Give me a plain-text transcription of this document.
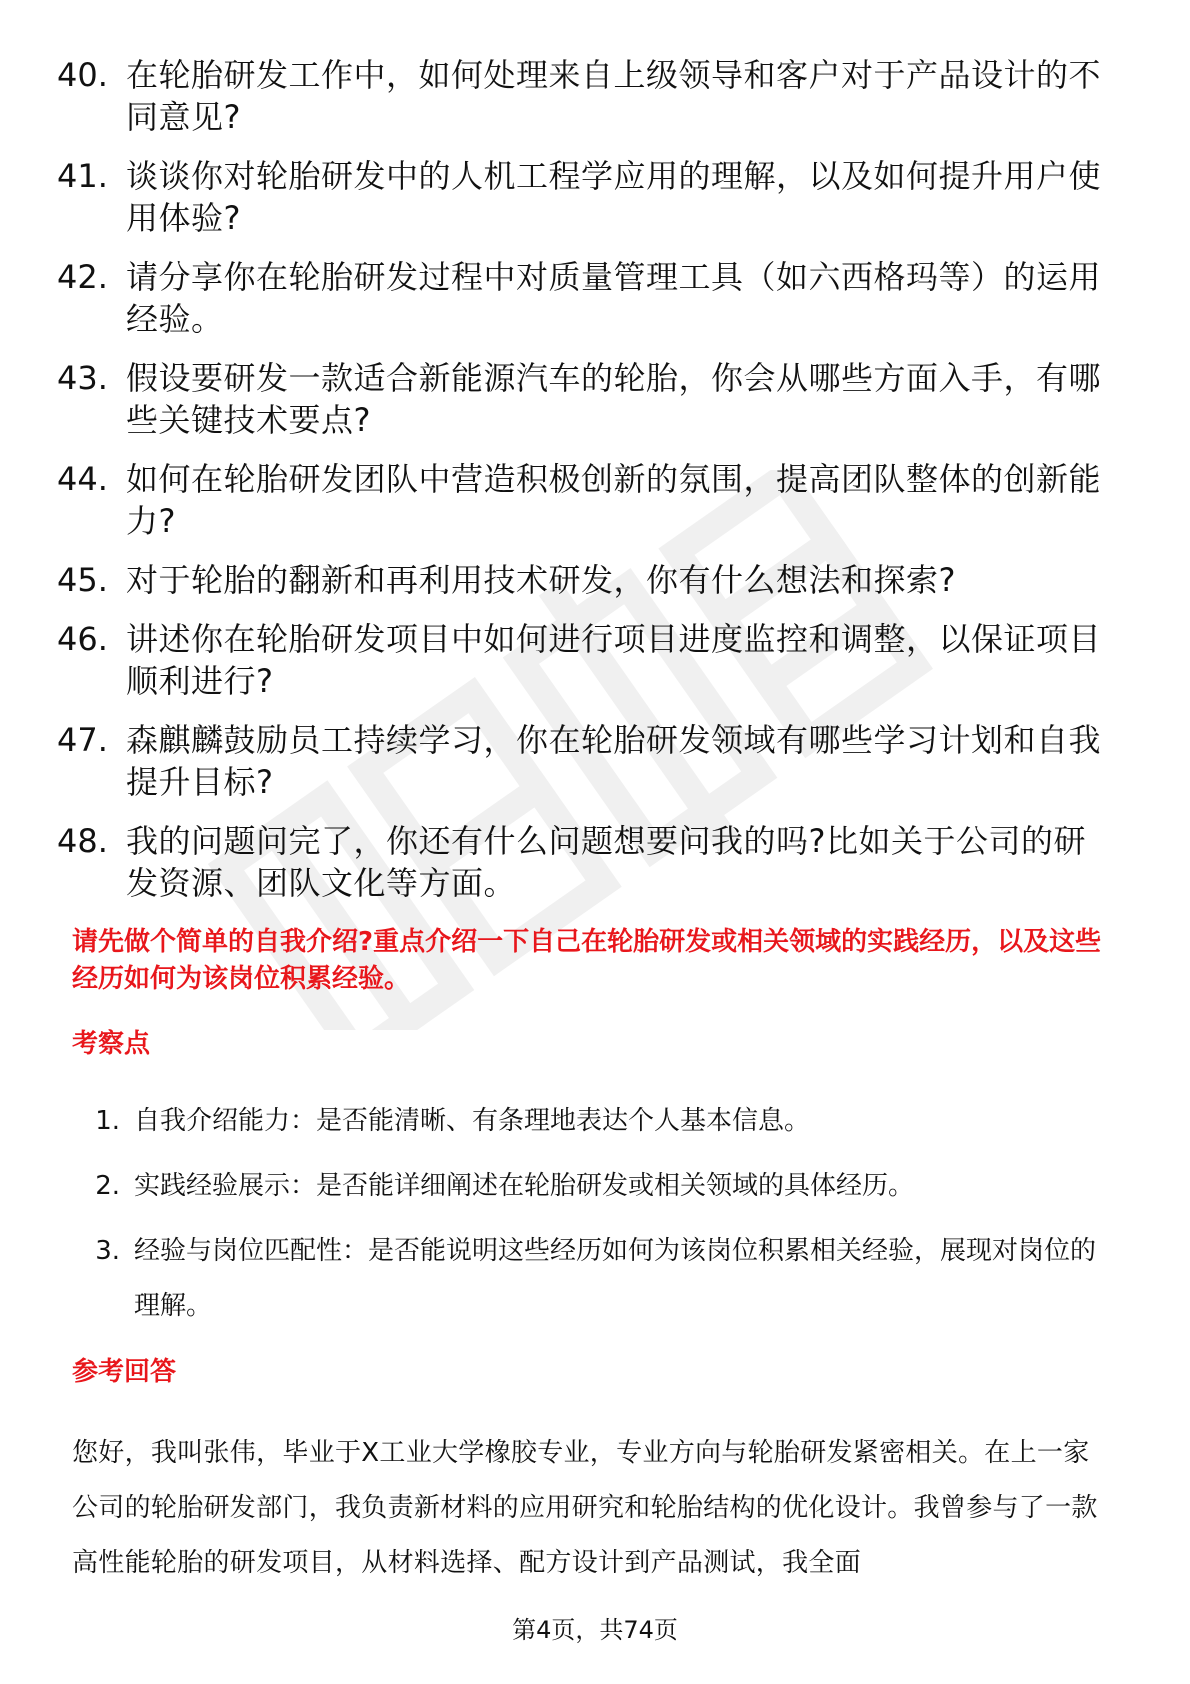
40. 在轮胎研发工作中，如何处理来自上级领导和客户对于产品设计的不同意见?
41. 谈谈你对轮胎研发中的人机工程学应用的理解，以及如何提升用户使用体验?
42. 请分享你在轮胎研发过程中对质量管理工具（如六西格玛等）的运用经验。
43. 假设要研发一款适合新能源汽车的轮胎，你会从哪些方面入手，有哪些关键技术要点?
44. 如何在轮胎研发团队中营造积极创新的氛围，提高团队整体的创新能力?
45. 对于轮胎的翻新和再利用技术研发，你有什么想法和探索?
46. 讲述你在轮胎研发项目中如何进行项目进度监控和调整，以保证项目顺利进行?
47. 森麒麟鼓励员工持续学习，你在轮胎研发领域有哪些学习计划和自我提升目标?
48. 我的问题问完了，你还有什么问题想要问我的吗?比如关于公司的研发资源、团队文化等方面。
请先做个简单的自我介绍?重点介绍一下自己在轮胎研发或相关领域的实践经历，以及这些经历如何为该岗位积累经验。
考察点
1. 自我介绍能力：是否能清晰、有条理地表达个人基本信息。
2. 实践经验展示：是否能详细阐述在轮胎研发或相关领域的具体经历。
3. 经验与岗位匹配性：是否能说明这些经历如何为该岗位积累相关经验，展现对岗位的理解。
参考回答
您好，我叫张伟，毕业于X工业大学橡胶专业，专业方向与轮胎研发紧密相关。在上一家公司的轮胎研发部门，我负责新材料的应用研究和轮胎结构的优化设计。我曾参与了一款高性能轮胎的研发项目，从材料选择、配方设计到产品测试，我全面
第4页，共74页
